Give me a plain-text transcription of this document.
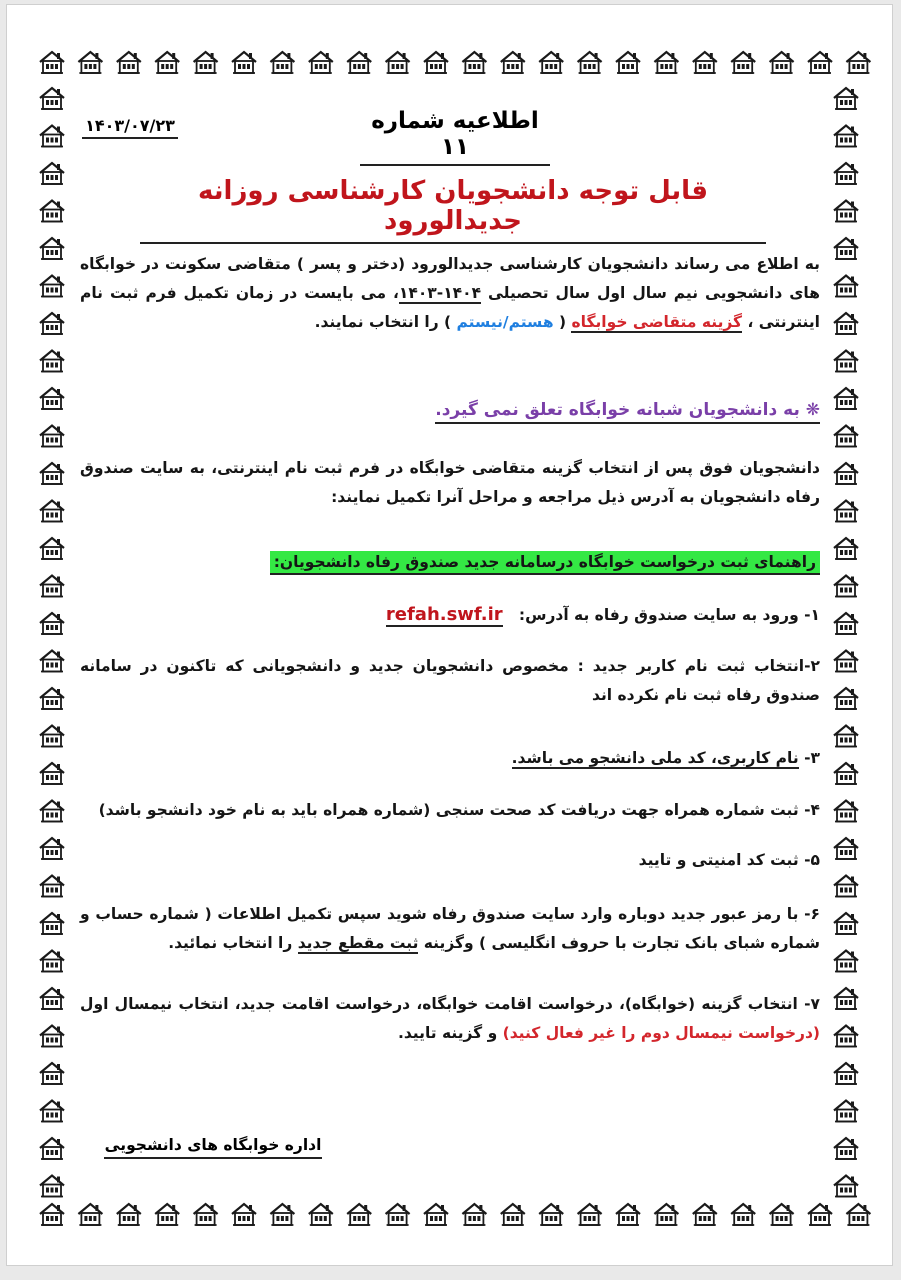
اطلاعیه شماره ۱۱
۱۴۰۳/۰۷/۲۳
قابل توجه دانشجویان کارشناسی روزانه جدیدالورود
به اطلاع می رساند دانشجویان کارشناسی جدیدالورود (دختر و پسر ) متقاضی سکونت در خوابگاه های دانشجویی نیم سال اول سال تحصیلی ۱۴۰۴-۱۴۰۳، می بایست در زمان تکمیل فرم ثبت نام اینترنتی ، گزینه متقاضی خوابگاه ( هستم/نیستم ) را انتخاب نمایند.
❋ به دانشجویان شبانه خوابگاه تعلق نمی گیرد.
دانشجویان فوق پس از انتخاب گزینه متقاضی خوابگاه در فرم ثبت نام اینترنتی، به سایت صندوق رفاه دانشجویان به آدرس ذیل مراجعه و مراحل آنرا تکمیل نمایند:
راهنمای ثبت درخواست خوابگاه درسامانه جدید صندوق رفاه دانشجویان:
۱- ورود به سایت صندوق رفاه به آدرس:   refah.swf.ir
۲-انتخاب ثبت نام کاربر جدید : مخصوص دانشجویان جدید و دانشجویانی که تاکنون در سامانه صندوق رفاه ثبت نام نکرده اند
۳- نام کاربری، کد ملی دانشجو می باشد.
۴- ثبت شماره همراه جهت دریافت کد صحت سنجی (شماره همراه باید به نام خود دانشجو باشد)
۵- ثبت کد امنیتی و تایید
۶- با رمز عبور جدید دوباره وارد سایت صندوق رفاه شوید سپس تکمیل اطلاعات ( شماره حساب و شماره شبای بانک تجارت با حروف انگلیسی ) وگزینه ثبت مقطع جدید را انتخاب نمائید.
۷- انتخاب گزینه (خوابگاه)، درخواست اقامت خوابگاه، درخواست اقامت جدید، انتخاب نیمسال اول (درخواست نیمسال دوم را غیر فعال کنید) و گزینه تایید.
اداره خوابگاه های دانشجویی
